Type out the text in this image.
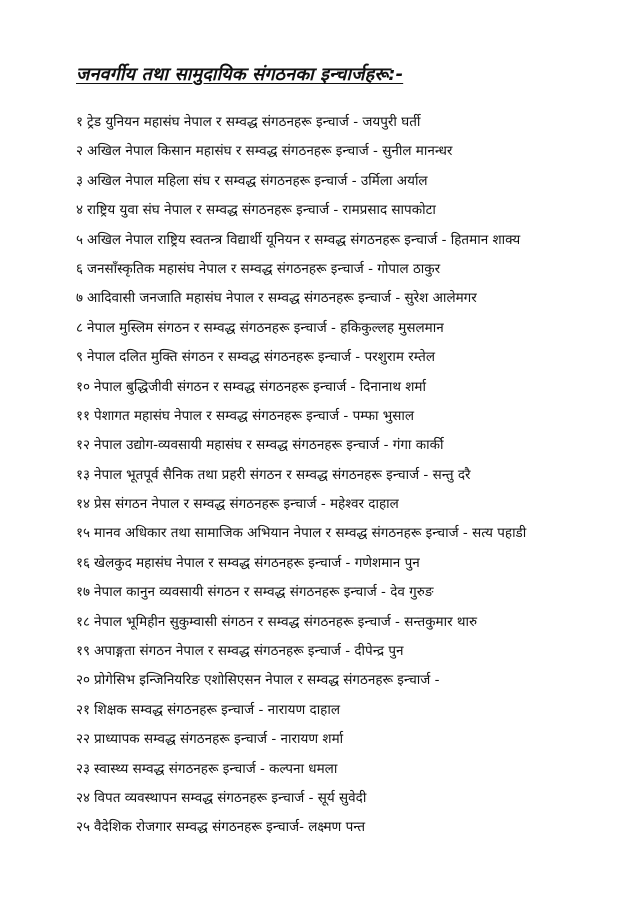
जनवर्गीय तथा सामुदायिक संगठनका इन्चार्जहरू:-
१ ट्रेड युनियन महासंघ नेपाल र सम्वद्ध संगठनहरू इन्चार्ज - जयपुरी घर्ती
२ अखिल नेपाल किसान महासंघ र सम्वद्ध संगठनहरू इन्चार्ज - सुनील मानन्धर
३ अखिल नेपाल महिला संघ र सम्वद्ध संगठनहरू इन्चार्ज - उर्मिला अर्याल
४ राष्ट्रिय युवा संघ नेपाल र सम्वद्ध संगठनहरू इन्चार्ज - रामप्रसाद सापकोटा
५ अखिल नेपाल राष्ट्रिय स्वतन्त्र विद्यार्थी यूनियन र सम्वद्ध संगठनहरू इन्चार्ज - हितमान शाक्य
६ जनसाँस्कृतिक महासंघ नेपाल र सम्वद्ध संगठनहरू इन्चार्ज - गोपाल ठाकुर
७ आदिवासी जनजाति महासंघ नेपाल र सम्वद्ध संगठनहरू इन्चार्ज - सुरेश आलेमगर
८ नेपाल मुस्लिम संगठन र सम्वद्ध संगठनहरू इन्चार्ज - हकिकुल्लह मुसलमान
९ नेपाल दलित मुक्ति संगठन र सम्वद्ध संगठनहरू इन्चार्ज - परशुराम रम्तेल
१० नेपाल बुद्धिजीवी संगठन र सम्वद्ध संगठनहरू इन्चार्ज - दिनानाथ शर्मा
११ पेशागत महासंघ नेपाल र सम्वद्ध संगठनहरू इन्चार्ज - पम्फा भुसाल
१२ नेपाल उद्योग-व्यवसायी महासंघ र सम्वद्ध संगठनहरू इन्चार्ज - गंगा कार्की
१३ नेपाल भूतपूर्व सैनिक तथा प्रहरी संगठन र सम्वद्ध संगठनहरू इन्चार्ज - सन्तु दरै
१४ प्रेस संगठन नेपाल र सम्वद्ध संगठनहरू इन्चार्ज - महेश्वर दाहाल
१५ मानव अधिकार तथा सामाजिक अभियान नेपाल र सम्वद्ध संगठनहरू इन्चार्ज - सत्य पहाडी
१६ खेलकुद महासंघ नेपाल र सम्वद्ध संगठनहरू इन्चार्ज - गणेशमान पुन
१७ नेपाल कानुन व्यवसायी संगठन र सम्वद्ध संगठनहरू इन्चार्ज - देव गुरुङ
१८ नेपाल भूमिहीन सुकुम्वासी संगठन र सम्वद्ध संगठनहरू इन्चार्ज - सन्तकुमार थारु
१९ अपाङ्गता संगठन नेपाल र सम्वद्ध संगठनहरू इन्चार्ज - दीपेन्द्र पुन
२० प्रोगेसिभ इन्जिनियरिङ एशोसिएसन नेपाल र सम्वद्ध संगठनहरू इन्चार्ज -
२१ शिक्षक सम्वद्ध संगठनहरू इन्चार्ज - नारायण दाहाल
२२ प्राध्यापक सम्वद्ध संगठनहरू इन्चार्ज - नारायण शर्मा
२३ स्वास्थ्य सम्वद्ध संगठनहरू इन्चार्ज - कल्पना धमला
२४ विपत व्यवस्थापन सम्वद्ध संगठनहरू इन्चार्ज - सूर्य सुवेदी
२५ वैदेशिक रोजगार सम्वद्ध संगठनहरू इन्चार्ज- लक्ष्मण पन्त
